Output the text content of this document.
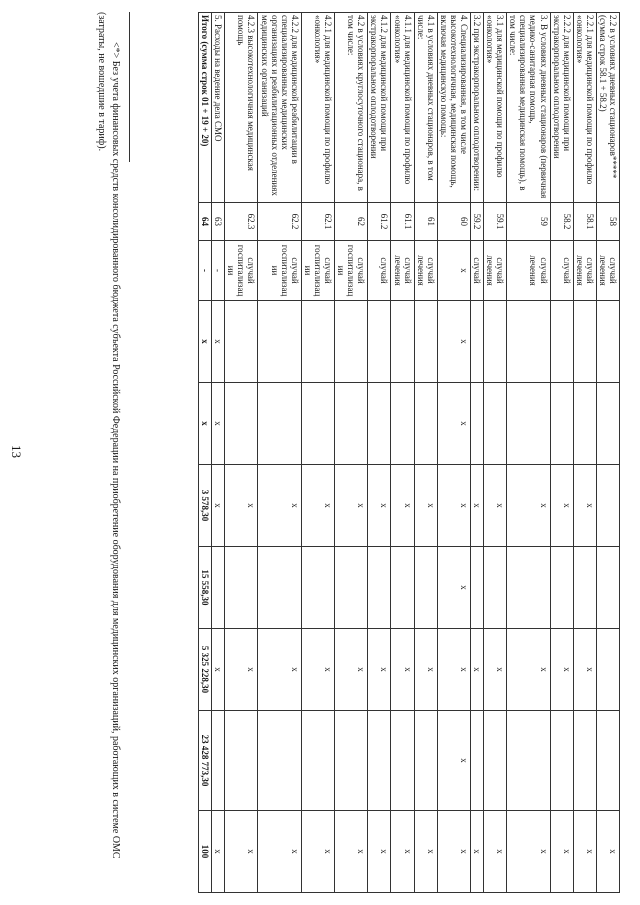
13
2.2 в условиях дневных стационаров*****
(сумма строк 58.1 + 58.2)	58	случай лечения							х
2.2.1 для медицинской помощи по профилю «онкология»	58.1	случай лечения			х		х		х
2.2.2 для медицинской помощи при экстракорпоральном оплодотворении	58.2	случай			х		х		х
3. В условиях дневных стационаров (первичная медико-санитарная помощь, специализированная медицинская помощь), в том числе:	59	случай лечения			х		х		х
3.1 для медицинской помощи по профилю «онкология»	59.1	случай лечения			х		х		х
3.2 при экстракорпоральном оплодотворении:	59.2	случай			х		х		х
4. Специализированная, в том числе высокотехнологичная, медицинская помощь, включая медицинскую помощь:	60	х	х	х	х	х	х	х	х
4.1 в условиях дневных стационаров, в том числе:	61	случай лечения			х		х		х
4.1.1 для медицинской помощи по профилю «онкология»	61.1	случай лечения			х		х		х
4.1.2 для медицинской помощи при экстракорпоральном оплодотворении	61.2	случай			х		х		х
4.2 в условиях круглосуточного стационара, в том числе:	62	случай госпитализации			х		х		х
4.2.1 для медицинской помощи по профилю «онкология»	62.1	случай госпитализации			х		х		х
4.2.2 для медицинской реабилитации в специализированных медицинских организациях и реабилитационных отделениях медицинских организаций	62.2	случай госпитализации			х		х		х
4.2.3 высокотехнологичная медицинская помощь	62.3	случай госпитализации			х		х		х
5. Расходы на ведение дела СМО	63	-	х	х	х		х		х
Итого (сумма строк 01 + 19 + 20)	64	-	х	х	3 578,30	15 558,30	5 325 228,30	23 428 773,30	100
<*> Без учета финансовых средств консолидированного бюджета субъекта Российской Федерации на приобретение оборудования для медицинских организаций, работающих в системе ОМС (затраты, не вошедшие в тариф).
